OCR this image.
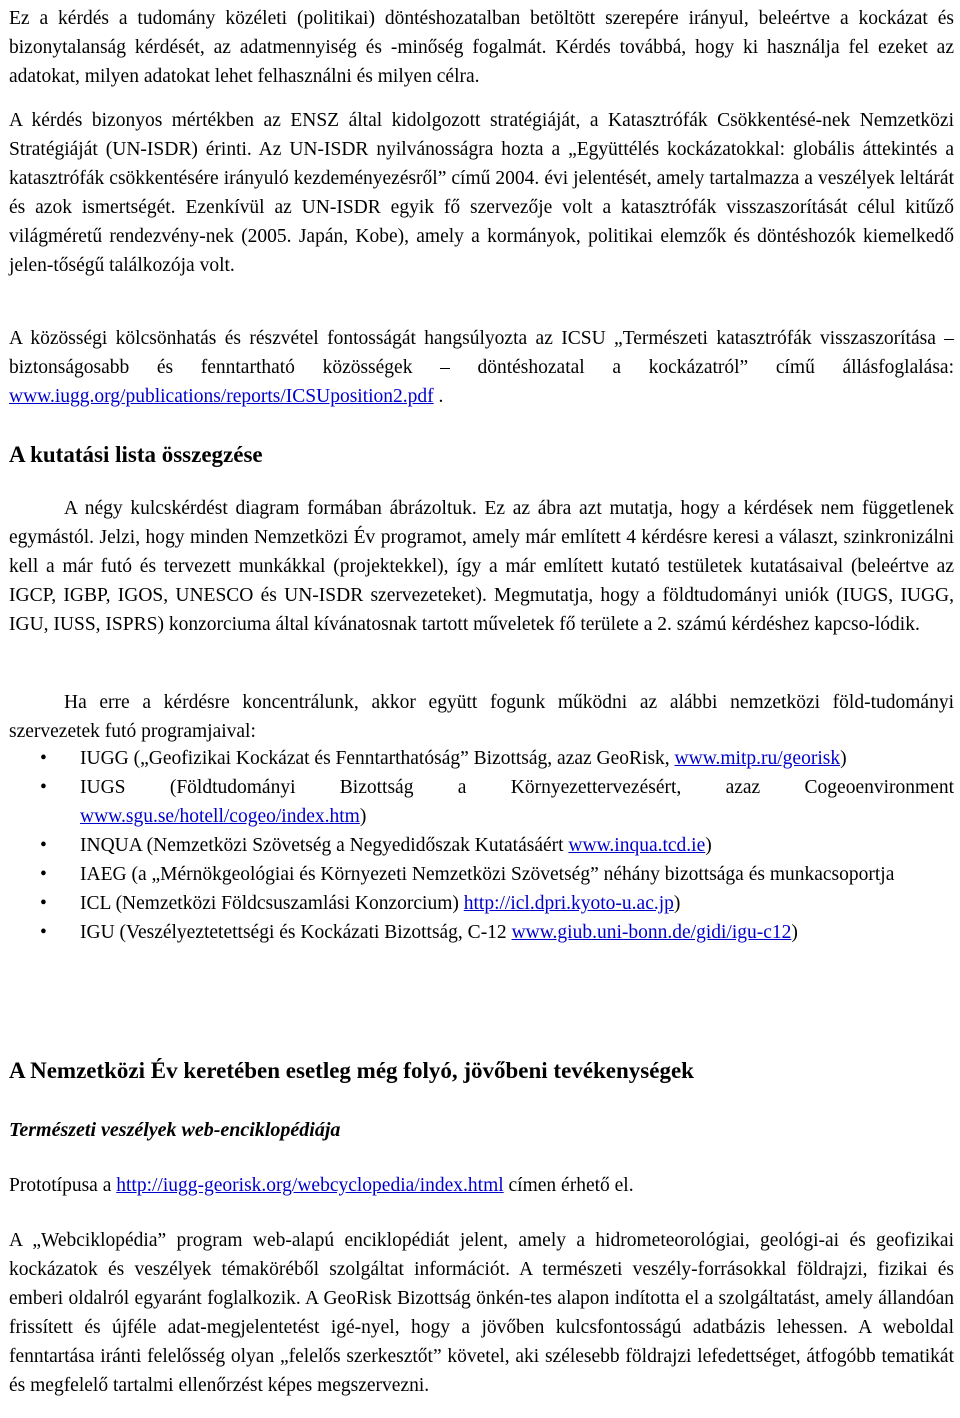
Ez a kérdés a tudomány közéleti (politikai) döntéshozatalban betöltött szerepére irányul, beleértve a kockázat és bizonytalanság kérdését, az adatmennyiség és -minőség fogalmát. Kérdés továbbá, hogy ki használja fel ezeket az adatokat, milyen adatokat lehet felhasználni és milyen célra.

A kérdés bizonyos mértékben az ENSZ által kidolgozott stratégiáját, a Katasztrófák Csökkentésé-nek Nemzetközi Stratégiáját (UN-ISDR) érinti. Az UN-ISDR nyilvánosságra hozta a „Együttélés kockázatokkal: globális áttekintés a katasztrófák csökkentésére irányuló kezdeményezésről” című 2004. évi jelentését, amely tartalmazza a veszélyek leltárát és azok ismertségét. Ezenkívül az UN-ISDR egyik fő szervezője volt a katasztrófák visszaszorítását célul kitűző világméretű rendezvény-nek (2005. Japán, Kobe), amely a kormányok, politikai elemzők és döntéshozók kiemelkedő jelen-tőségű találkozója volt.

A közösségi kölcsönhatás és részvétel fontosságát hangsúlyozta az ICSU „Természeti katasztrófák visszaszorítása – biztonságosabb és fenntartható közösségek – döntéshozatal a kockázatról” című állásfoglalása: www.iugg.org/publications/reports/ICSUposition2.pdf .

A kutatási lista összegzése

A négy kulcskérdést diagram formában ábrázoltuk. Ez az ábra azt mutatja, hogy a kérdések nem függetlenek egymástól. Jelzi, hogy minden Nemzetközi Év programot, amely már említett 4 kérdésre keresi a választ, szinkronizálni kell a már futó és tervezett munkákkal (projektekkel), így a már említett kutató testületek kutatásaival (beleértve az IGCP, IGBP, IGOS, UNESCO és UN-ISDR szervezeteket). Megmutatja, hogy a földtudományi uniók (IUGS, IUGG, IGU, IUSS, ISPRS) konzorciuma által kívánatosnak tartott műveletek fő területe a 2. számú kérdéshez kapcso-lódik.

Ha erre a kérdésre koncentrálunk, akkor együtt fogunk működni az alábbi nemzetközi föld-tudományi szervezetek futó programjaival:

• IUGG („Geofizikai Kockázat és Fenntarthatóság” Bizottság, azaz GeoRisk, www.mitp.ru/georisk)
• IUGS (Földtudományi Bizottság a Környezettervezésért, azaz Cogeoenvironment www.sgu.se/hotell/cogeo/index.htm)
• INQUA (Nemzetközi Szövetség a Negyedidőszak Kutatásáért www.inqua.tcd.ie)
• IAEG (a „Mérnökgeológiai és Környezeti Nemzetközi Szövetség” néhány bizottsága és munkacsoportja
• ICL (Nemzetközi Földcsuszamlási Konzorcium) http://icl.dpri.kyoto-u.ac.jp)
• IGU (Veszélyeztetettségi és Kockázati Bizottság, C-12 www.giub.uni-bonn.de/gidi/igu-c12)
A Nemzetközi Év keretében esetleg még folyó, jövőbeni tevékenységek
Természeti veszélyek web-enciklopédiája

Prototípusa a http://iugg-georisk.org/webcyclopedia/index.html címen érhető el.

A „Webciklopédia” program web-alapú enciklopédiát jelent, amely a hidrometeorológiai, geológi-ai és geofizikai kockázatok és veszélyek témaköréből szolgáltat információt. A természeti veszély-forrásokkal földrajzi, fizikai és emberi oldalról egyaránt foglalkozik. A GeoRisk Bizottság önkén-tes alapon indította el a szolgáltatást, amely állandóan frissített és újféle adat-megjelentetést igé-nyel, hogy a jövőben kulcsfontosságú adatbázis lehessen. A weboldal fenntartása iránti felelősség olyan „felelős szerkesztőt” követel, aki szélesebb földrajzi lefedettséget, átfogóbb tematikát és megfelelő tartalmi ellenőrzést képes megszervezni.
